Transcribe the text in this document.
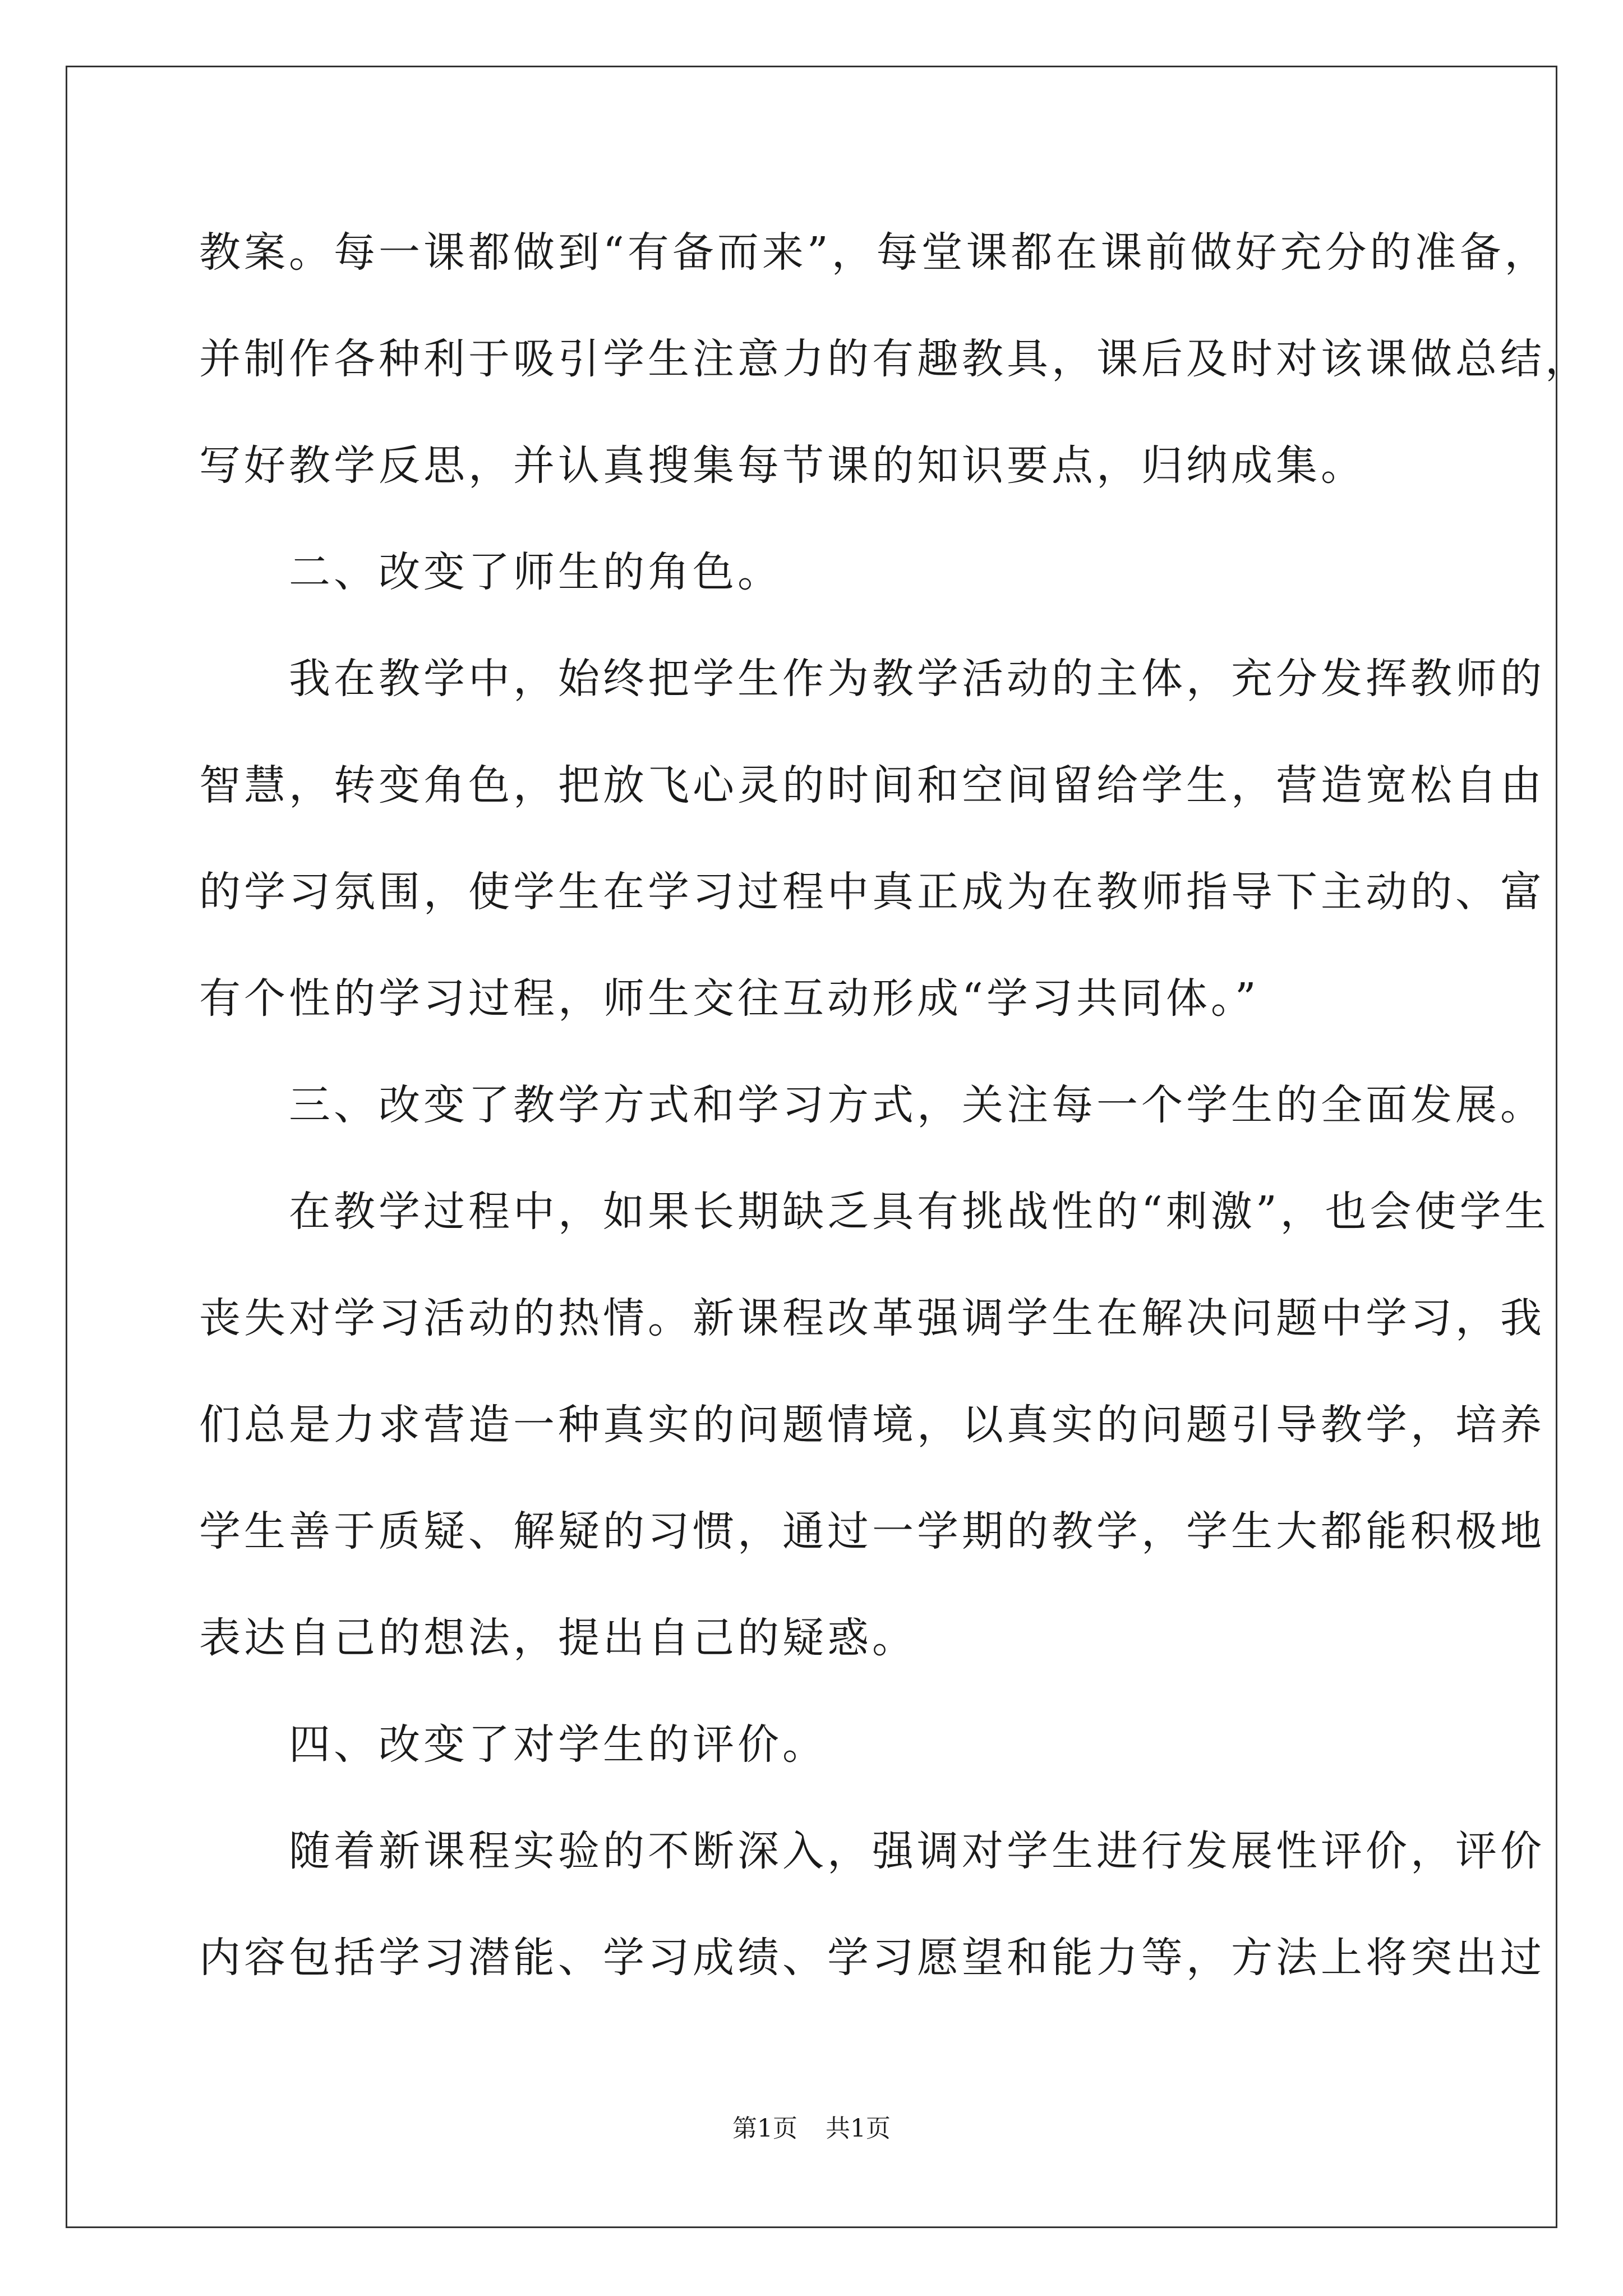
教案。每一课都做到“有备而来”，每堂课都在课前做好充分的准备，
并制作各种利于吸引学生注意力的有趣教具，课后及时对该课做总结，
写好教学反思，并认真搜集每节课的知识要点，归纳成集。
　　二、改变了师生的角色。
　　我在教学中，始终把学生作为教学活动的主体，充分发挥教师的
智慧，转变角色，把放飞心灵的时间和空间留给学生，营造宽松自由
的学习氛围，使学生在学习过程中真正成为在教师指导下主动的、富
有个性的学习过程，师生交往互动形成“学习共同体。”
　　三、改变了教学方式和学习方式，关注每一个学生的全面发展。
　　在教学过程中，如果长期缺乏具有挑战性的“刺激”，也会使学生
丧失对学习活动的热情。新课程改革强调学生在解决问题中学习，我
们总是力求营造一种真实的问题情境，以真实的问题引导教学，培养
学生善于质疑、解疑的习惯，通过一学期的教学，学生大都能积极地
表达自己的想法，提出自己的疑惑。
　　四、改变了对学生的评价。
　　随着新课程实验的不断深入，强调对学生进行发展性评价，评价
内容包括学习潜能、学习成绩、学习愿望和能力等，方法上将突出过
第1页 共1页
